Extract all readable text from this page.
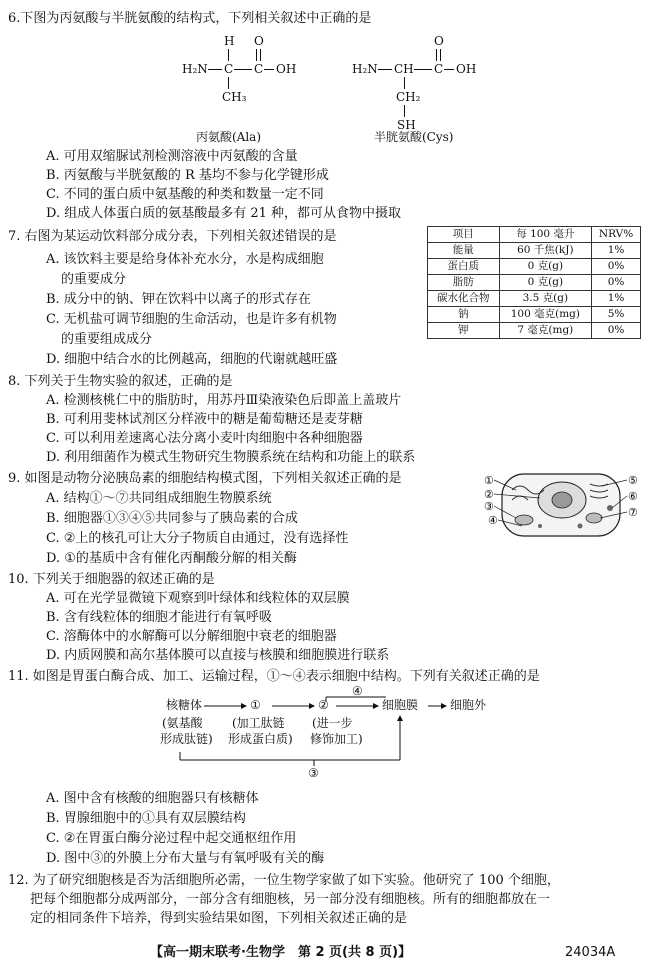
6.下图为丙氨酸与半胱氨酸的结构式，下列相关叙述中正确的是
H O
H₂N C C OH
CH₃
丙氨酸(Ala)
O
H₂N CH C OH
CH₂
SH
半胱氨酸(Cys)
A. 可用双缩脲试剂检测溶液中丙氨酸的含量
B. 丙氨酸与半胱氨酸的 R 基均不参与化学键形成
C. 不同的蛋白质中氨基酸的种类和数量一定不同
D. 组成人体蛋白质的氨基酸最多有 21 种，都可从食物中摄取
7. 右图为某运动饮料部分成分表，下列相关叙述错误的是
A. 该饮料主要是给身体补充水分，水是构成细胞
的重要成分
B. 成分中的钠、钾在饮料中以离子的形式存在
C. 无机盐可调节细胞的生命活动，也是许多有机物
的重要组成成分
D. 细胞中结合水的比例越高，细胞的代谢就越旺盛
项目	每 100 毫升	NRV%
能量	60 千焦(kJ)	1%
蛋白质	0 克(g)	0%
脂肪	0 克(g)	0%
碳水化合物	3.5 克(g)	1%
钠	100 毫克(mg)	5%
钾	7 毫克(mg)	0%
8. 下列关于生物实验的叙述，正确的是
A. 检测核桃仁中的脂肪时，用苏丹Ⅲ染液染色后即盖上盖玻片
B. 可利用斐林试剂区分样液中的糖是葡萄糖还是麦芽糖
C. 可以利用差速离心法分离小麦叶肉细胞中各种细胞器
D. 利用细菌作为模式生物研究生物膜系统在结构和功能上的联系
9. 如图是动物分泌胰岛素的细胞结构模式图，下列相关叙述正确的是
A. 结构①～⑦共同组成细胞生物膜系统
B. 细胞器①③④⑤共同参与了胰岛素的合成
C. ②上的核孔可让大分子物质自由通过，没有选择性
D. ①的基质中含有催化丙酮酸分解的相关酶
①
②
③
④
⑤
⑥
⑦
10. 下列关于细胞器的叙述正确的是
A. 可在光学显微镜下观察到叶绿体和线粒体的双层膜
B. 含有线粒体的细胞才能进行有氧呼吸
C. 溶酶体中的水解酶可以分解细胞中衰老的细胞器
D. 内质网膜和高尔基体膜可以直接与核膜和细胞膜进行联系
11. 如图是胃蛋白酶合成、加工、运输过程，①～④表示细胞中结构。下列有关叙述正确的是
核糖体	①	②	细胞膜	细胞外
④
(氨基酸
形成肽链)
(加工肽链
形成蛋白质)
(进一步
修饰加工)
③
A. 图中含有核酸的细胞器只有核糖体
B. 胃腺细胞中的①具有双层膜结构
C. ②在胃蛋白酶分泌过程中起交通枢纽作用
D. 图中③的外膜上分布大量与有氧呼吸有关的酶
12. 为了研究细胞核是否为活细胞所必需，一位生物学家做了如下实验。他研究了 100 个细胞，
把每个细胞都分成两部分，一部分含有细胞核，另一部分没有细胞核。所有的细胞都放在一
定的相同条件下培养，得到实验结果如图，下列相关叙述正确的是
【高一期末联考·生物学　第 2 页(共 8 页)】	24034A
